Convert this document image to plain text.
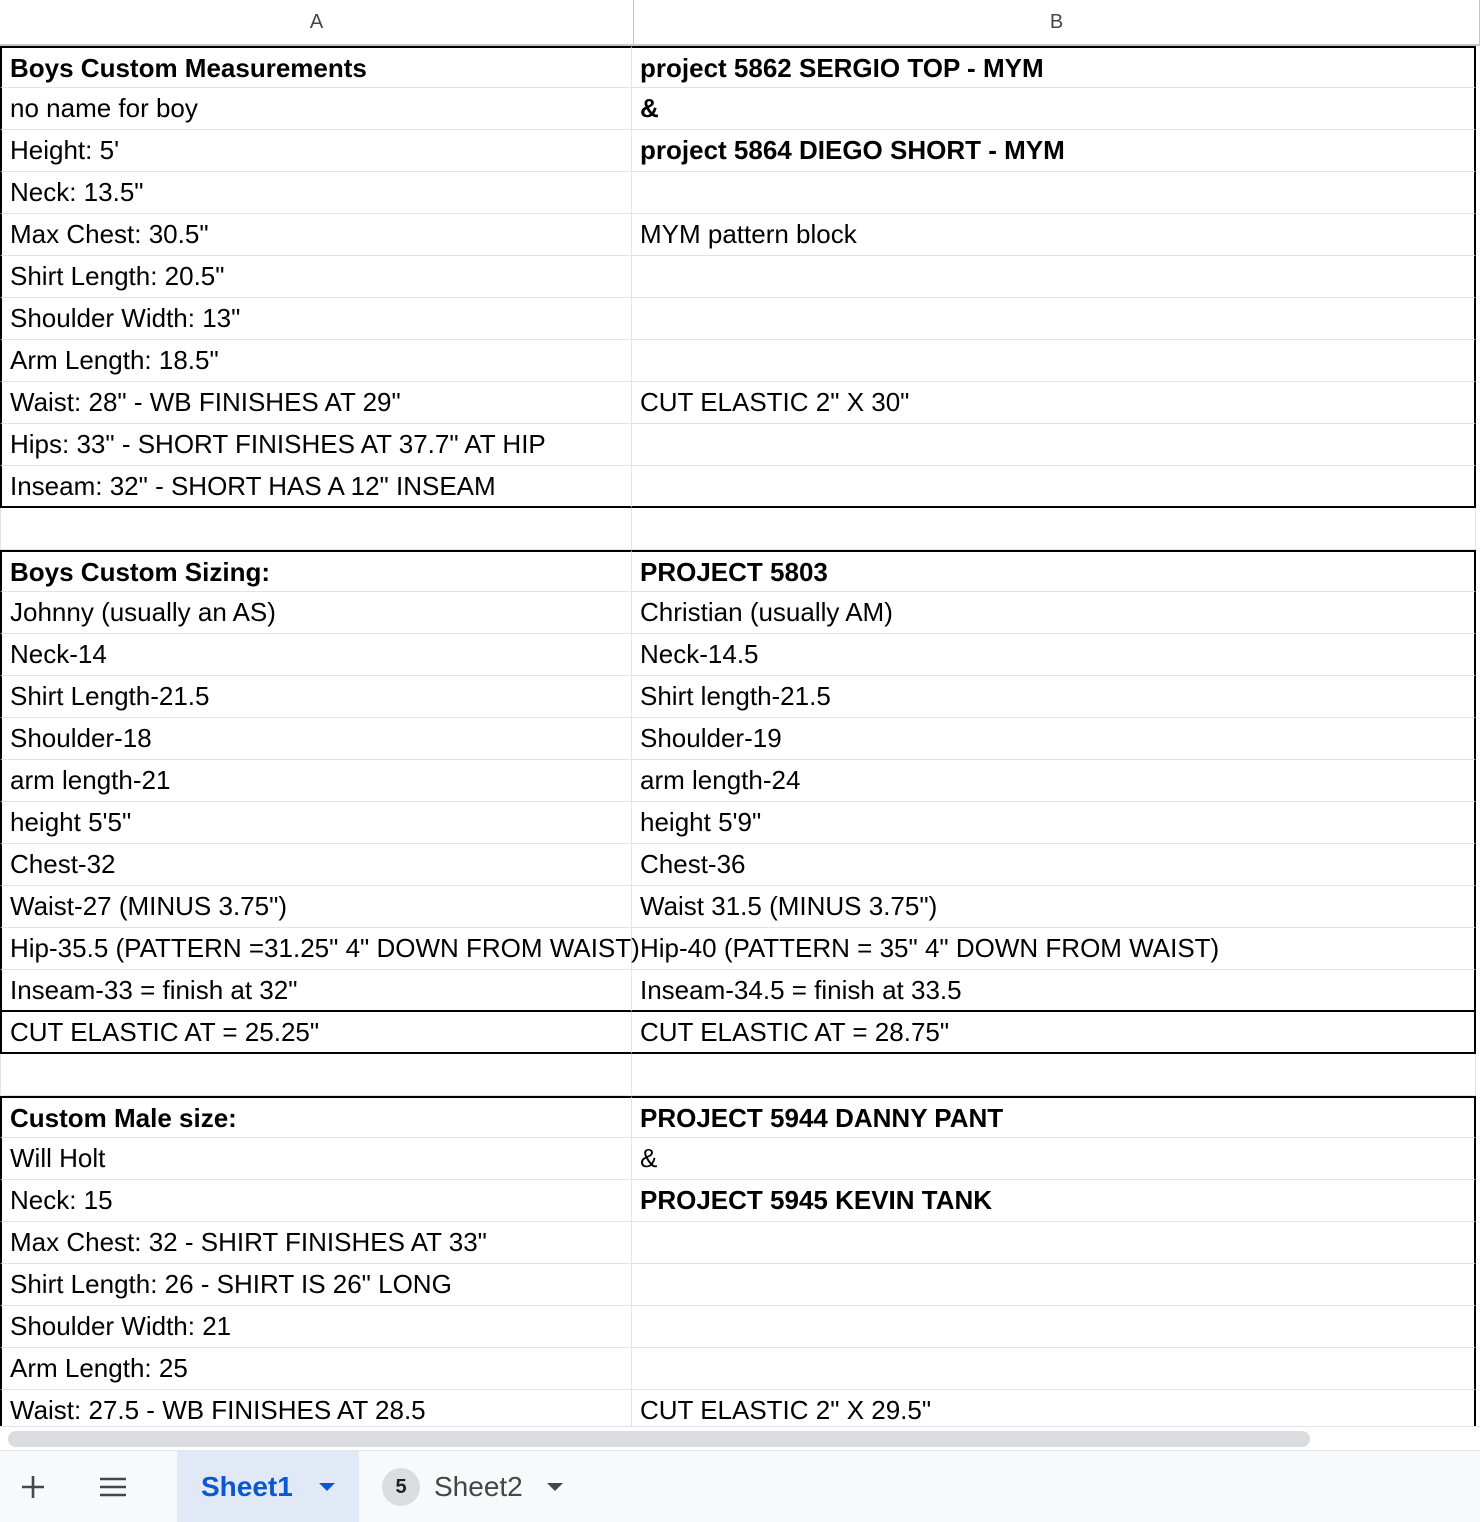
A	B
Boys Custom Measurements	project 5862 SERGIO TOP - MYM
no name for boy	&
Height: 5'	project 5864 DIEGO SHORT - MYM
Neck: 13.5"
Max Chest: 30.5"	MYM pattern block
Shirt Length: 20.5"
Shoulder Width: 13"
Arm Length: 18.5"
Waist: 28" - WB FINISHES AT 29"	CUT ELASTIC 2" X 30"
Hips: 33" - SHORT FINISHES AT 37.7" AT HIP
Inseam: 32" - SHORT HAS A 12" INSEAM
Boys Custom Sizing:	PROJECT 5803
Johnny (usually an AS)	Christian (usually AM)
Neck-14	Neck-14.5
Shirt Length-21.5	Shirt length-21.5
Shoulder-18	Shoulder-19
arm length-21	arm length-24
height 5'5"	height 5'9"
Chest-32	Chest-36
Waist-27 (MINUS 3.75")	Waist 31.5 (MINUS 3.75")
Hip-35.5 (PATTERN =31.25" 4" DOWN FROM WAIST) Hip-40 (PATTERN = 35" 4" DOWN FROM WAIST)
Inseam-33 = finish at 32"	Inseam-34.5 = finish at 33.5
CUT ELASTIC AT = 25.25"	CUT ELASTIC AT = 28.75"
Custom Male size:	PROJECT 5944 DANNY PANT
Will Holt	&
Neck: 15	PROJECT 5945 KEVIN TANK
Max Chest: 32 - SHIRT FINISHES AT 33"
Shirt Length: 26 - SHIRT IS 26" LONG
Shoulder Width: 21
Arm Length: 25
Waist: 27.5 - WB FINISHES AT 28.5	CUT ELASTIC 2" X 29.5"
Sheet1	5 Sheet2
